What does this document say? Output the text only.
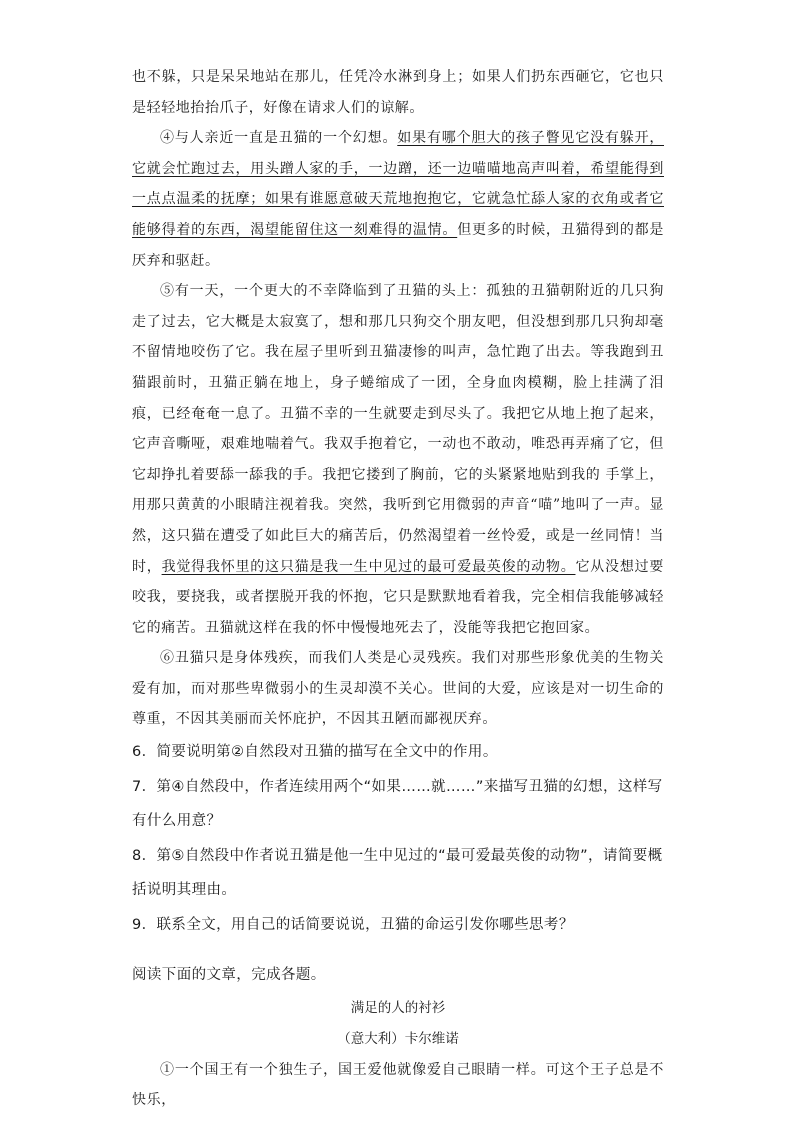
也不躲，只是呆呆地站在那儿，任凭冷水淋到身上；如果人们扔东西砸它，它也只是轻轻地抬抬爪子，好像在请求人们的谅解。

④与人亲近一直是丑猫的一个幻想。如果有哪个胆大的孩子瞥见它没有躲开，它就会忙跑过去，用头蹭人家的手，一边蹭，还一边喵喵地高声叫着，希望能得到一点点温柔的抚摩；如果有谁愿意破天荒地抱抱它，它就急忙舔人家的衣角或者它能够得着的东西，渴望能留住这一刻难得的温情。但更多的时候，丑猫得到的都是厌弃和驱赶。

⑤有一天，一个更大的不幸降临到了丑猫的头上：孤独的丑猫朝附近的几只狗走了过去，它大概是太寂寞了，想和那几只狗交个朋友吧，但没想到那几只狗却毫不留情地咬伤了它。我在屋子里听到丑猫凄惨的叫声，急忙跑了出去。等我跑到丑猫跟前时，丑猫正躺在地上，身子蜷缩成了一团，全身血肉模糊，脸上挂满了泪痕，已经奄奄一息了。丑猫不幸的一生就要走到尽头了。我把它从地上抱了起来，它声音嘶哑，艰难地喘着气。我双手抱着它，一动也不敢动，唯恐再弄痛了它，但它却挣扎着要舔一舔我的手。我把它搂到了胸前，它的头紧紧地贴到我的 手掌上，用那只黄黄的小眼睛注视着我。突然，我听到它用微弱的声音“喵”地叫了一声。显然，这只猫在遭受了如此巨大的痛苦后，仍然渴望着一丝怜爱，或是一丝同情！当时，我觉得我怀里的这只猫是我一生中见过的最可爱最英俊的动物。它从没想过要咬我，要挠我，或者摆脱开我的怀抱，它只是默默地看着我，完全相信我能够减轻它的痛苦。丑猫就这样在我的怀中慢慢地死去了，没能等我把它抱回家。

⑥丑猫只是身体残疾，而我们人类是心灵残疾。我们对那些形象优美的生物关爱有加，而对那些卑微弱小的生灵却漠不关心。世间的大爱，应该是对一切生命的尊重，不因其美丽而关怀庇护，不因其丑陋而鄙视厌弃。

6．简要说明第②自然段对丑猫的描写在全文中的作用。

7．第④自然段中，作者连续用两个“如果……就……”来描写丑猫的幻想，这样写有什么用意？

8．第⑤自然段中作者说丑猫是他一生中见过的“最可爱最英俊的动物”，请简要概括说明其理由。

9．联系全文，用自己的话简要说说，丑猫的命运引发你哪些思考？

阅读下面的文章，完成各题。

满足的人的衬衫

（意大利）卡尔维诺

①一个国王有一个独生子，国王爱他就像爱自己眼睛一样。可这个王子总是不快乐，
